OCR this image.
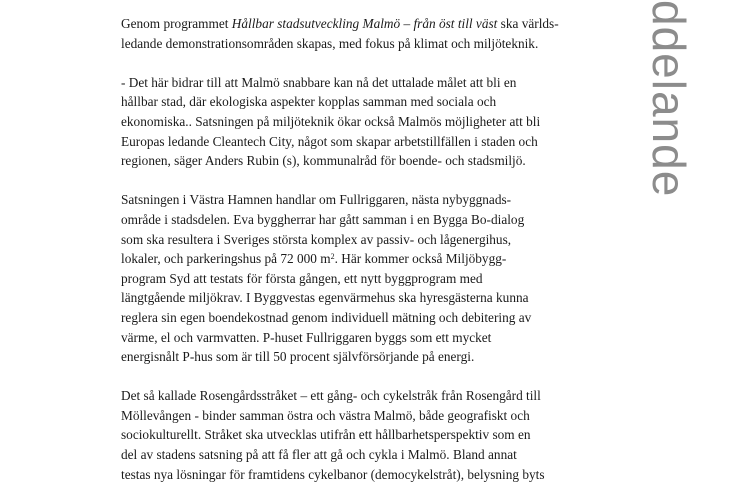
ddelande

Genom programmet Hållbar stadsutveckling Malmö – från öst till väst ska världs-
ledande demonstrationsområden skapas, med fokus på klimat och miljöteknik.

- Det här bidrar till att Malmö snabbare kan nå det uttalade målet att bli en
hållbar stad, där ekologiska aspekter kopplas samman med sociala och
ekonomiska.. Satsningen på miljöteknik ökar också Malmös möjligheter att bli
Europas ledande Cleantech City, något som skapar arbetstillfällen i staden och
regionen, säger Anders Rubin (s), kommunalråd för boende- och stadsmiljö.

Satsningen i Västra Hamnen handlar om Fullriggaren, nästa nybyggnads-
område i stadsdelen. Eva byggherrar har gått samman i en Bygga Bo-dialog
som ska resultera i Sveriges största komplex av passiv- och lågenergihus,
lokaler, och parkeringshus på 72 000 $m^2$. Här kommer också Miljöbygg-
program Syd att testats för första gången, ett nytt byggprogram med
längtgående miljökrav. I Byggvestas egenvärmehus ska hyresgästerna kunna
reglera sin egen boendekostnad genom individuell mätning och debitering av
värme, el och varmvatten. P-huset Fullriggaren byggs som ett mycket
energisnålt P-hus som är till 50 procent självförsörjande på energi.

Det så kallade Rosengårdsstråket – ett gång- och cykelstråk från Rosengård till
Möllevången - binder samman östra och västra Malmö, både geografiskt och
sociokulturellt. Stråket ska utvecklas utifrån ett hållbarhetsperspektiv som en
del av stadens satsning på att få fler att gå och cykla i Malmö. Bland annat
testas nya lösningar för framtidens cykelbanor (democykelstråt), belysning byts
